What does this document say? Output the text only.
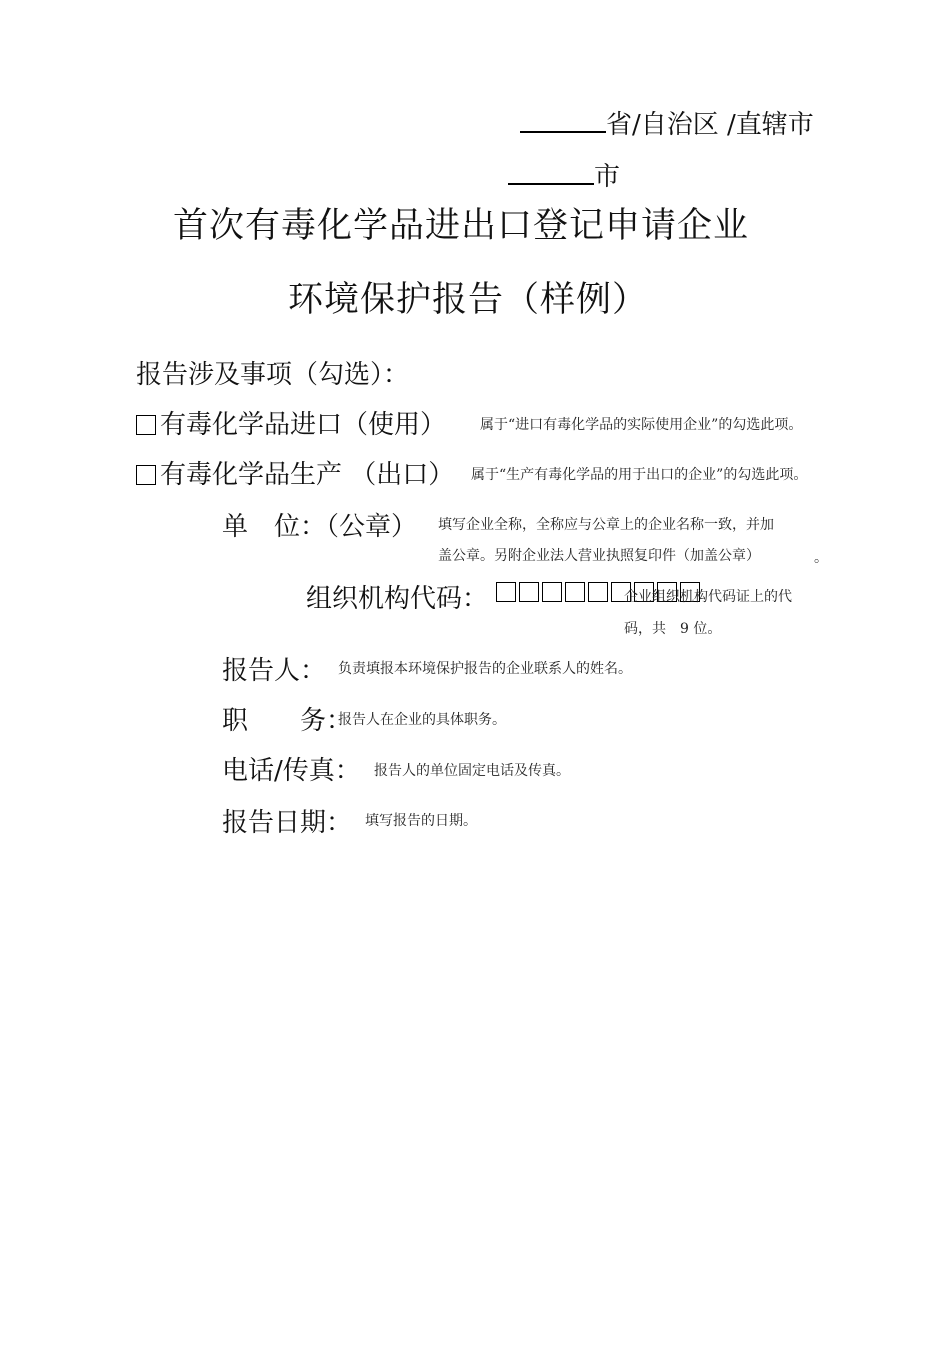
省/自治区 /直辖市
市
首次有毒化学品进出口登记申请企业
环境保护报告（样例）
报告涉及事项（勾选）：
有毒化学品进口（使用） 属于“进口有毒化学品的实际使用企业”的勾选此项。
有毒化学品生产 （出口） 属于“生产有毒化学品的用于出口的企业”的勾选此项。
单　位：（公章） 填写企业全称，全称应与公章上的企业名称一致，并加
盖公章。另附企业法人营业执照复印件（加盖公章）	。
组织机构代码：	企业组织机构代码证上的代
码，共　9 位。
报告人： 负责填报本环境保护报告的企业联系人的姓名。
职　　务：
报告人在企业的具体职务。
电话/传真： 报告人的单位固定电话及传真。
报告日期： 填写报告的日期。
